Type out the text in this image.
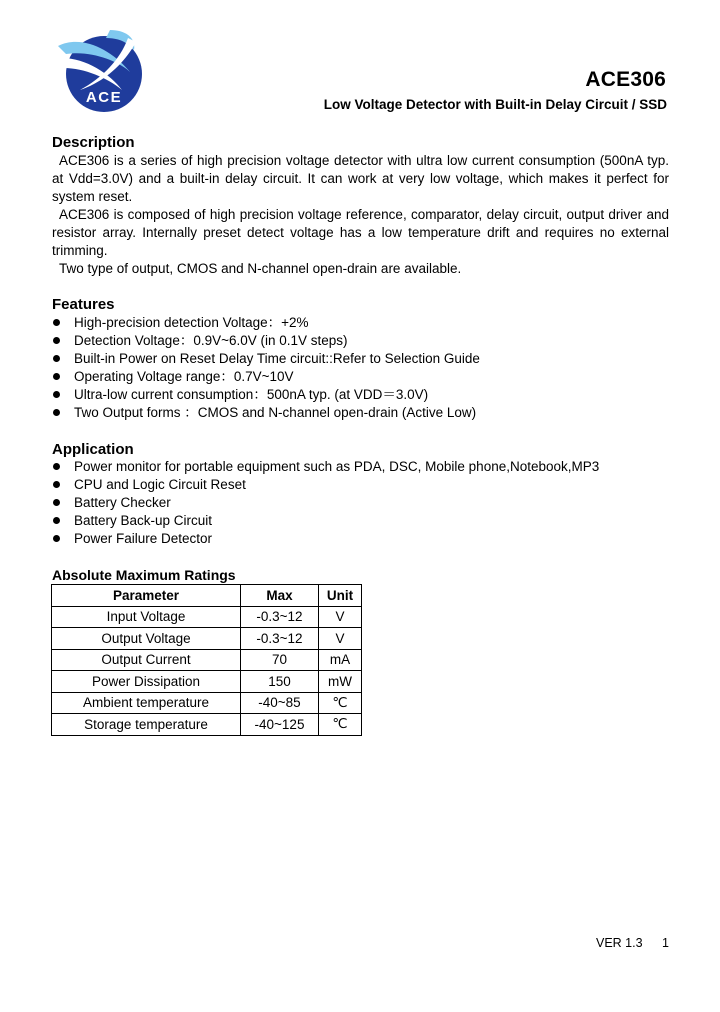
ACE
ACE306
Low Voltage Detector with Built-in Delay Circuit / SSD
Description
ACE306 is a series of high precision voltage detector with ultra low current consumption (500nA typ. at Vdd=3.0V) and a built-in delay circuit. It can work at very low voltage, which makes it perfect for system reset.
ACE306 is composed of high precision voltage reference, comparator, delay circuit, output driver and resistor array. Internally preset detect voltage has a low temperature drift and requires no external trimming.
Two type of output, CMOS and N-channel open-drain are available.
Features
High-precision detection Voltage：+2%
Detection Voltage：0.9V~6.0V (in 0.1V steps)
Built-in Power on Reset Delay Time circuit::Refer to Selection Guide
Operating Voltage range：0.7V~10V
Ultra-low current consumption：500nA typ. (at VDD＝3.0V)
Two Output forms ：CMOS and N-channel open-drain (Active Low)
Application
Power monitor for portable equipment such as PDA, DSC, Mobile phone,Notebook,MP3
CPU and Logic Circuit Reset
Battery Checker
Battery Back-up Circuit
Power Failure Detector
Absolute Maximum Ratings
Parameter	Max	Unit
Input Voltage	-0.3~12	V
Output Voltage	-0.3~12	V
Output Current	70	mA
Power Dissipation	150	mW
Ambient temperature	-40~85	℃
Storage temperature	-40~125	℃
VER 1.3 1
